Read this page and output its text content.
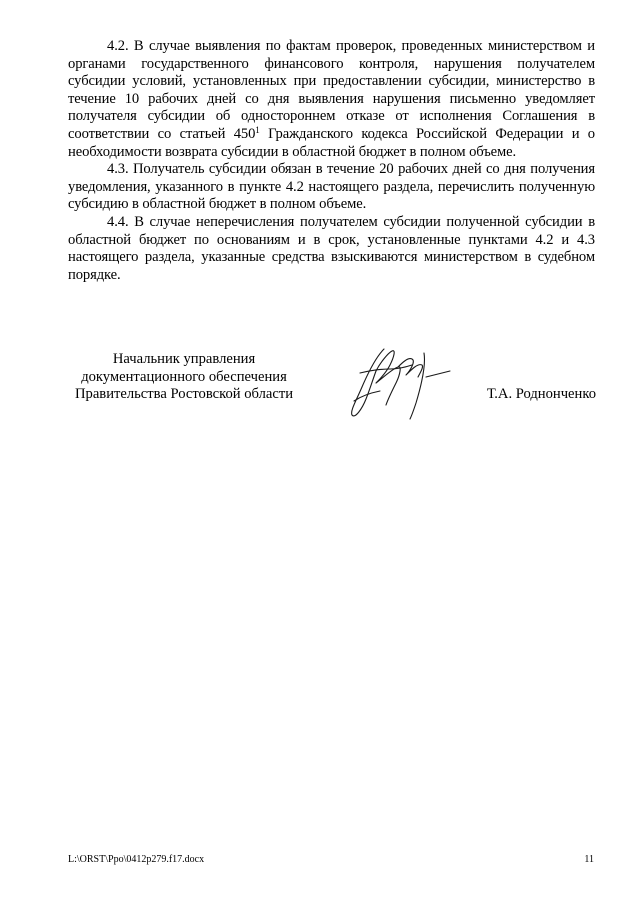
4.2. В случае выявления по фактам проверок, проведенных министерством и органами государственного финансового контроля, нарушения получателем субсидии условий, установленных при предоставлении субсидии, министерство в течение 10 рабочих дней со дня выявления нарушения письменно уведомляет получателя субсидии об одностороннем отказе от исполнения Соглашения в соответствии со статьей $450^1$ Гражданского кодекса Российской Федерации и о необходимости возврата субсидии в областной бюджет в полном объеме.

4.3. Получатель субсидии обязан в течение 20 рабочих дней со дня получения уведомления, указанного в пункте 4.2 настоящего раздела, перечислить полученную субсидию в областной бюджет в полном объеме.

4.4. В случае неперечисления получателем субсидии полученной субсидии в областной бюджет по основаниям и в срок, установленные пунктами 4.2 и 4.3 настоящего раздела, указанные средства взыскиваются министерством в судебном порядке.

Начальник управления
документационного обеспечения
Правительства Ростовской области	Т.А. Роднонченко
L:\ORST\Ppo\0412p279.f17.docx	11
